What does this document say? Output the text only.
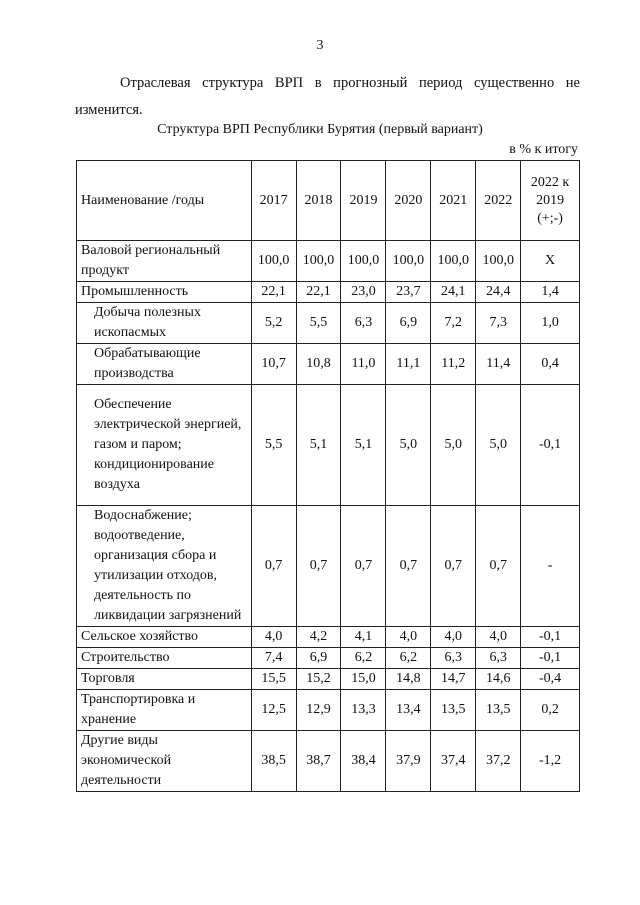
3
Отраслевая структура ВРП в прогнозный период существенно не изменится.
Структура ВРП Республики Бурятия (первый вариант)
в % к итогу
Наименование /годы	2017	2018	2019	2020	2021	2022	2022 к 2019 (+;-)
Валовой региональный продукт	100,0	100,0	100,0	100,0	100,0	100,0	X
Промышленность	22,1	22,1	23,0	23,7	24,1	24,4	1,4
Добыча полезных ископасмых	5,2	5,5	6,3	6,9	7,2	7,3	1,0
Обрабатывающие производства	10,7	10,8	11,0	11,1	11,2	11,4	0,4
Обеспечение электрической энергией, газом и паром; кондиционирование воздуха	5,5	5,1	5,1	5,0	5,0	5,0	-0,1
Водоснабжение; водоотведение, организация сбора и утилизации отходов, деятельность по ликвидации загрязнений	0,7	0,7	0,7	0,7	0,7	0,7	-
Сельское хозяйство	4,0	4,2	4,1	4,0	4,0	4,0	-0,1
Строительство	7,4	6,9	6,2	6,2	6,3	6,3	-0,1
Торговля	15,5	15,2	15,0	14,8	14,7	14,6	-0,4
Транспортировка и хранение	12,5	12,9	13,3	13,4	13,5	13,5	0,2
Другие виды экономической деятельности	38,5	38,7	38,4	37,9	37,4	37,2	-1,2
